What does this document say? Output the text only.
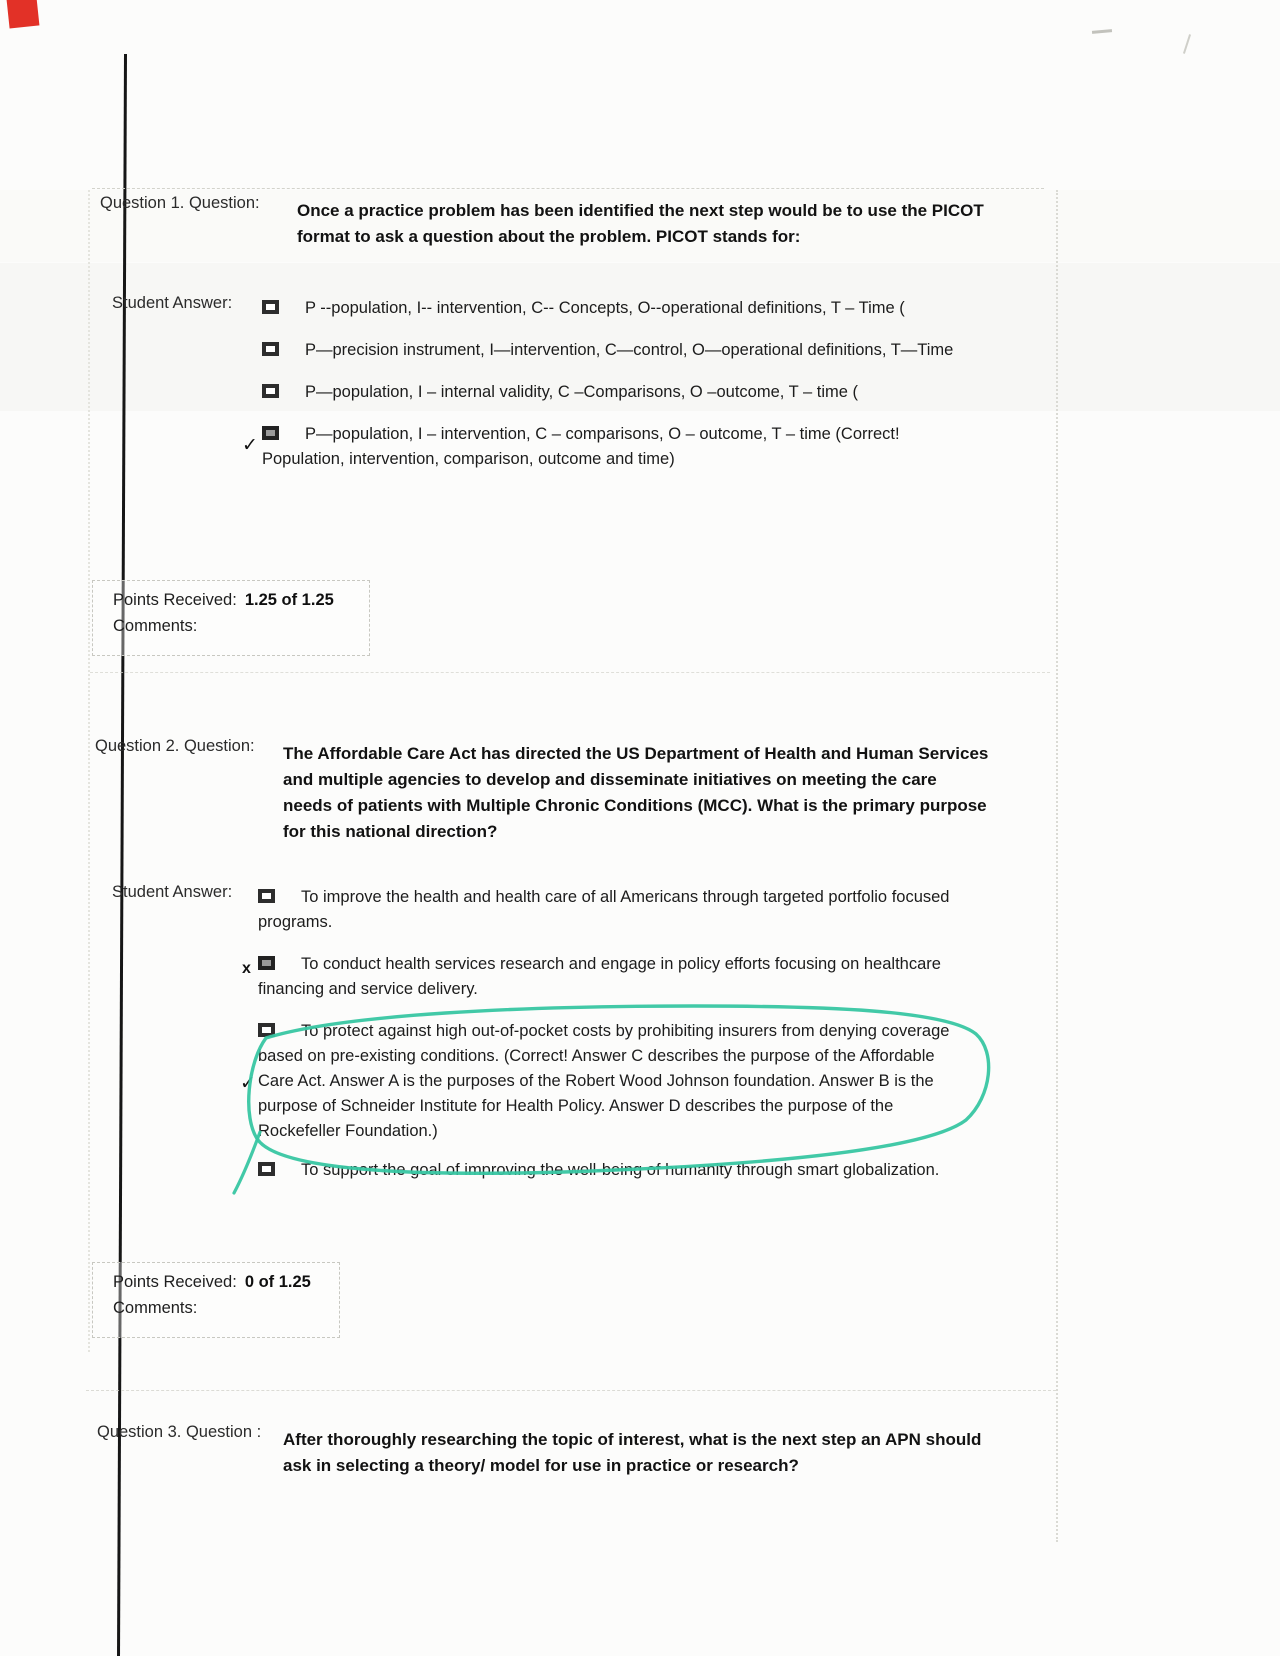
Question 1. Question: Once a practice problem has been identified the next step would be to use the PICOT format to ask a question about the problem. PICOT stands for:
Student Answer:	P --population, I-- intervention, C-- Concepts, O--operational definitions, T – Time (
P—precision instrument, I—intervention, C—control, O—operational definitions, T—Time
P—population, I – internal validity, C –Comparisons, O –outcome, T – time (
✓
P—population, I – intervention, C – comparisons, O – outcome, T – time (Correct! Population, intervention, comparison, outcome and time)
Points Received: 1.25 of 1.25
Comments:
Question 2. Question: The Affordable Care Act has directed the US Department of Health and Human Services and multiple agencies to develop and disseminate initiatives on meeting the care needs of patients with Multiple Chronic Conditions (MCC). What is the primary purpose for this national direction?
Student Answer:	To improve the health and health care of all Americans through targeted portfolio focused programs.
x	To conduct health services research and engage in policy efforts focusing on healthcare financing and service delivery.
✓
To protect against high out-of-pocket costs by prohibiting insurers from denying coverage based on pre-existing conditions. (Correct! Answer C describes the purpose of the Affordable Care Act. Answer A is the purposes of the Robert Wood Johnson foundation. Answer B is the purpose of Schneider Institute for Health Policy. Answer D describes the purpose of the Rockefeller Foundation.)
To support the goal of improving the well-being of humanity through smart globalization.
Points Received: 0 of 1.25
Comments:
Question 3. Question : After thoroughly researching the topic of interest, what is the next step an APN should ask in selecting a theory/ model for use in practice or research?
